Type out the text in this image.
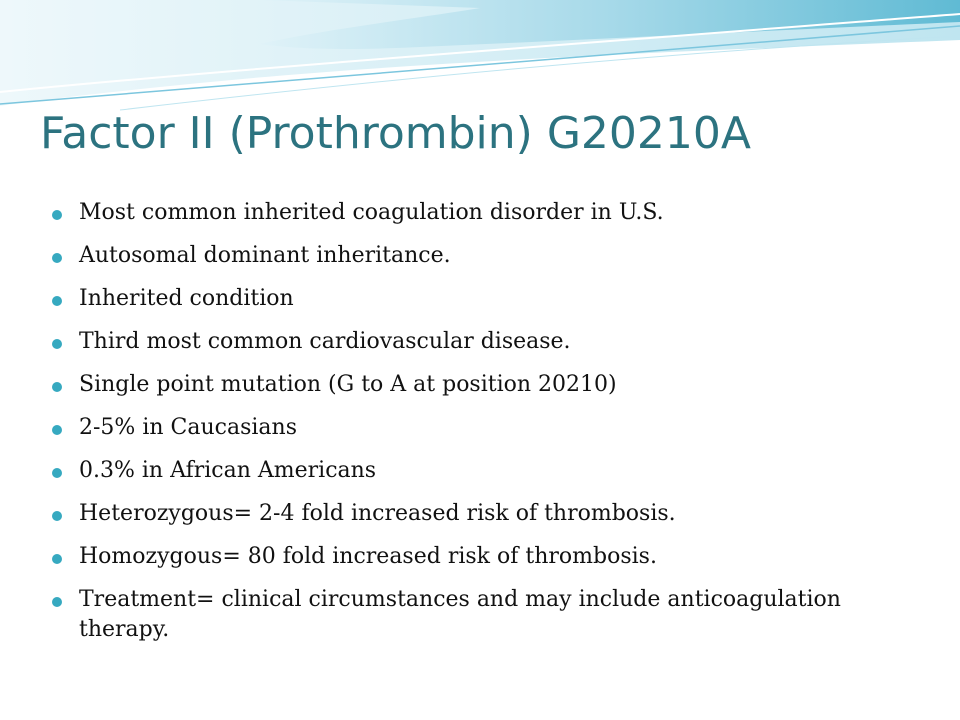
Factor II (Prothrombin) G20210A
Most common inherited coagulation disorder in U.S.
Autosomal dominant inheritance.
Inherited condition
Third most common cardiovascular disease.
Single point mutation (G to A at position 20210)
2-5% in Caucasians
0.3% in African Americans
Heterozygous= 2-4 fold increased risk of thrombosis.
Homozygous= 80 fold increased risk of thrombosis.
Treatment= clinical circumstances and may include anticoagulation therapy.
